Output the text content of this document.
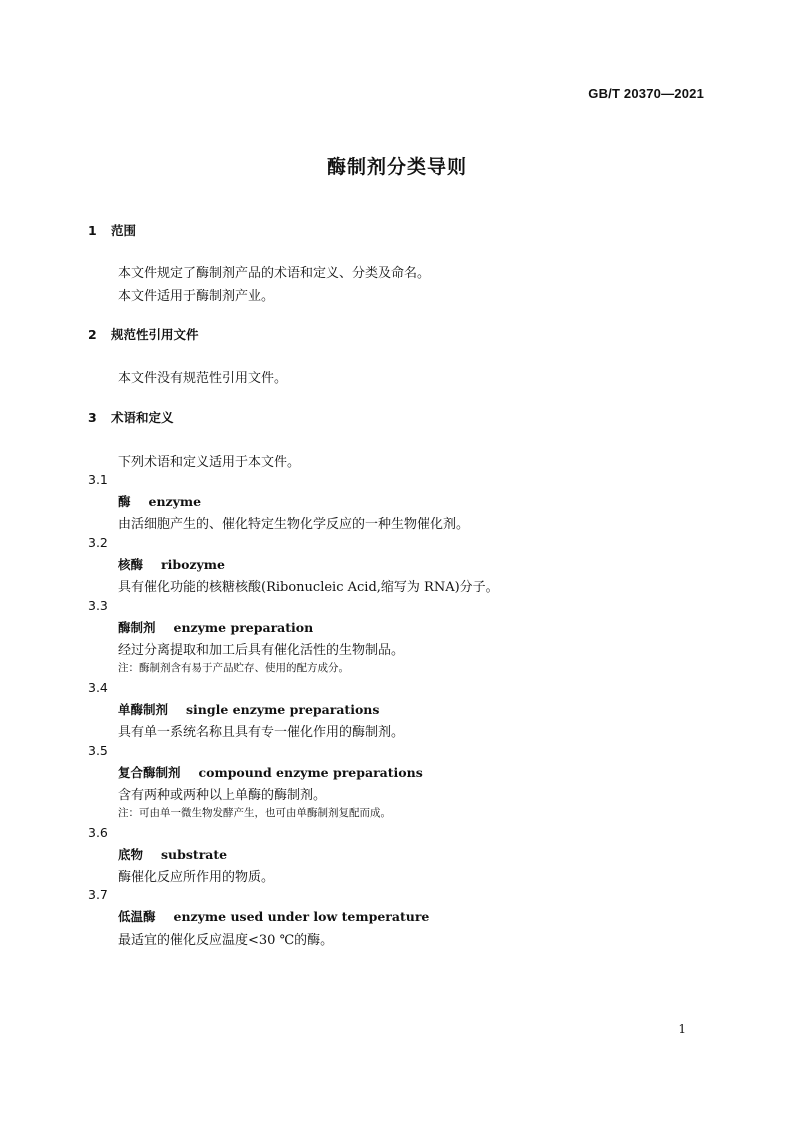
GB/T 20370—2021
酶制剂分类导则
1 范围
本文件规定了酶制剂产品的术语和定义、分类及命名。
本文件适用于酶制剂产业。
2 规范性引用文件
本文件没有规范性引用文件。
3 术语和定义
下列术语和定义适用于本文件。
3.1
酶 enzyme
由活细胞产生的、催化特定生物化学反应的一种生物催化剂。
3.2
核酶 ribozyme
具有催化功能的核糖核酸(Ribonucleic Acid,缩写为 RNA)分子。
3.3
酶制剂 enzyme preparation
经过分离提取和加工后具有催化活性的生物制品。
注：酶制剂含有易于产品贮存、使用的配方成分。
3.4
单酶制剂 single enzyme preparations
具有单一系统名称且具有专一催化作用的酶制剂。
3.5
复合酶制剂 compound enzyme preparations
含有两种或两种以上单酶的酶制剂。
注：可由单一微生物发酵产生，也可由单酶制剂复配而成。
3.6
底物 substrate
酶催化反应所作用的物质。
3.7
低温酶 enzyme used under low temperature
最适宜的催化反应温度<30 ℃的酶。
1
